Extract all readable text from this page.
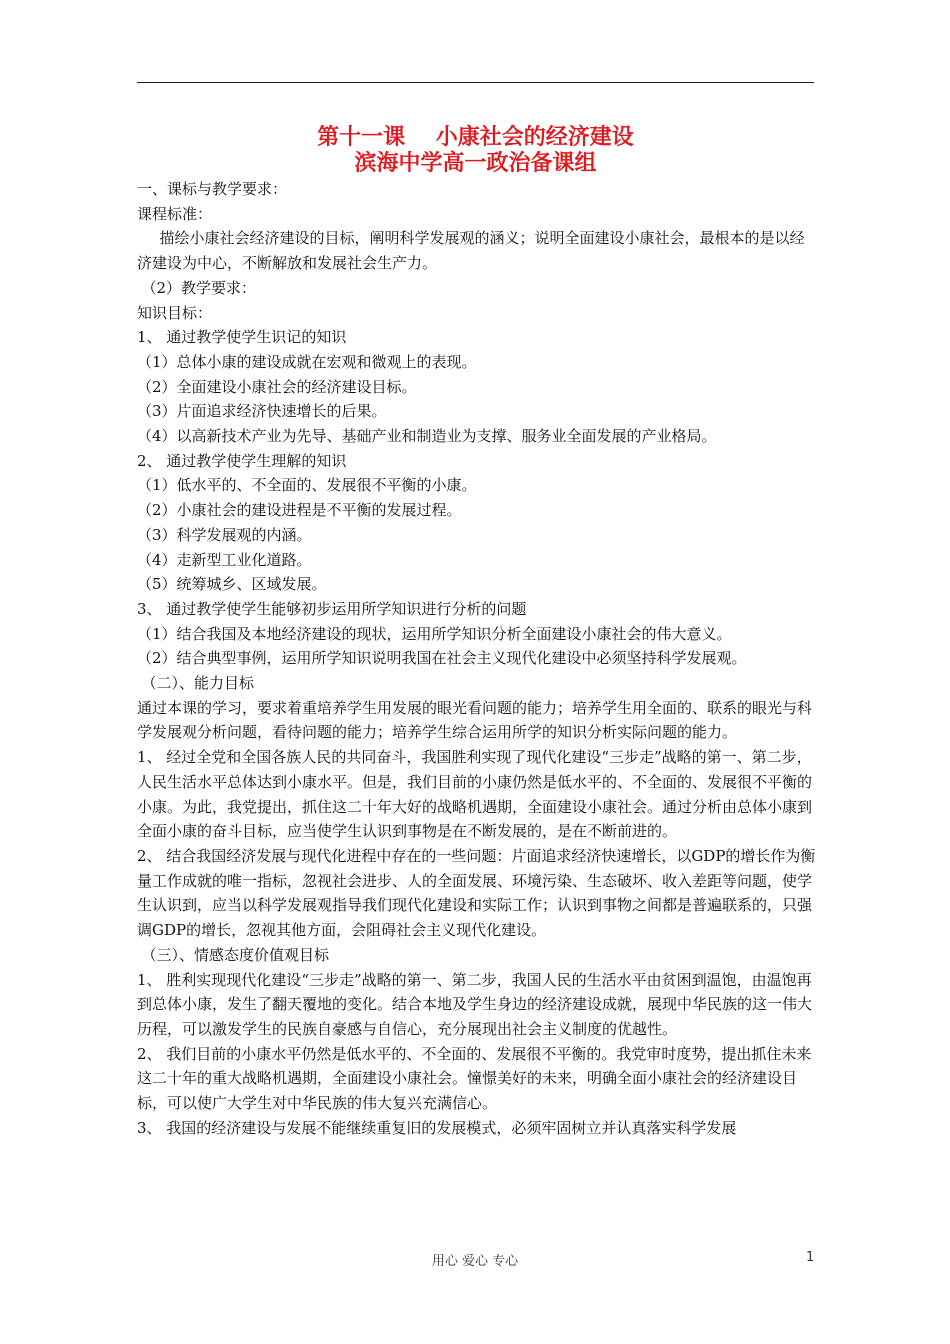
第十一课    小康社会的经济建设
滨海中学高一政治备课组

一、课标与教学要求：

课程标准：

描绘小康社会经济建设的目标，阐明科学发展观的涵义；说明全面建设小康社会，最根本的是以经济建设为中心，不断解放和发展社会生产力。

（2）教学要求：

知识目标：

1、 通过教学使学生识记的知识

（1）总体小康的建设成就在宏观和微观上的表现。

（2）全面建设小康社会的经济建设目标。

（3）片面追求经济快速增长的后果。

（4）以高新技术产业为先导、基础产业和制造业为支撑、服务业全面发展的产业格局。

2、 通过教学使学生理解的知识

（1）低水平的、不全面的、发展很不平衡的小康。

（2）小康社会的建设进程是不平衡的发展过程。

（3）科学发展观的内涵。

（4）走新型工业化道路。

（5）统筹城乡、区域发展。

3、 通过教学使学生能够初步运用所学知识进行分析的问题

（1）结合我国及本地经济建设的现状，运用所学知识分析全面建设小康社会的伟大意义。

（2）结合典型事例，运用所学知识说明我国在社会主义现代化建设中必须坚持科学发展观。

（二）、能力目标

通过本课的学习，要求着重培养学生用发展的眼光看问题的能力；培养学生用全面的、联系的眼光与科学发展观分析问题，看待问题的能力；培养学生综合运用所学的知识分析实际问题的能力。

1、 经过全党和全国各族人民的共同奋斗，我国胜利实现了现代化建设“三步走”战略的第一、第二步，人民生活水平总体达到小康水平。但是，我们目前的小康仍然是低水平的、不全面的、发展很不平衡的小康。为此，我党提出，抓住这二十年大好的战略机遇期，全面建设小康社会。通过分析由总体小康到全面小康的奋斗目标，应当使学生认识到事物是在不断发展的，是在不断前进的。

2、 结合我国经济发展与现代化进程中存在的一些问题：片面追求经济快速增长，以GDP的增长作为衡量工作成就的唯一指标，忽视社会进步、人的全面发展、环境污染、生态破坏、收入差距等问题，使学生认识到，应当以科学发展观指导我们现代化建设和实际工作；认识到事物之间都是普遍联系的，只强调GDP的增长，忽视其他方面，会阻碍社会主义现代化建设。

（三）、情感态度价值观目标

1、 胜利实现现代化建设“三步走”战略的第一、第二步，我国人民的生活水平由贫困到温饱，由温饱再到总体小康，发生了翻天覆地的变化。结合本地及学生身边的经济建设成就，展现中华民族的这一伟大历程，可以激发学生的民族自豪感与自信心，充分展现出社会主义制度的优越性。

2、 我们目前的小康水平仍然是低水平的、不全面的、发展很不平衡的。我党审时度势，提出抓住未来这二十年的重大战略机遇期，全面建设小康社会。憧憬美好的未来，明确全面小康社会的经济建设目标，可以使广大学生对中华民族的伟大复兴充满信心。

3、 我国的经济建设与发展不能继续重复旧的发展模式，必须牢固树立并认真落实科学发展

用心 爱心 专心	1
